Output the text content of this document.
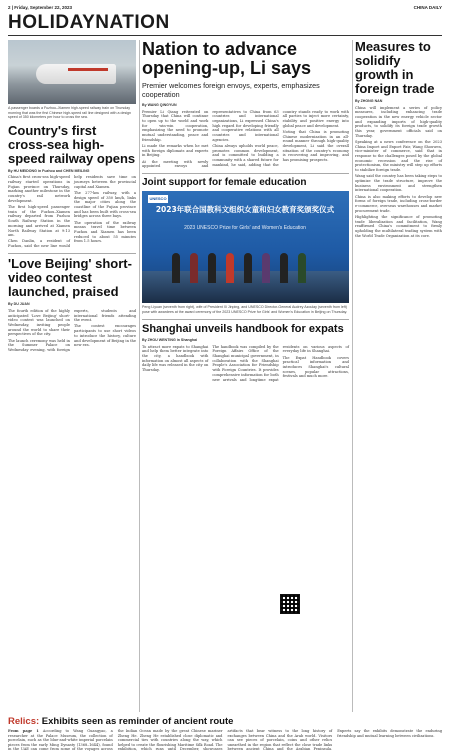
2 | Friday, September 22, 2023	CHINA DAILY
HOLIDAYNATION
A passenger boards a Fuzhou–Xiamen high-speed railway train on Thursday morning that was the first Chinese high-speed rail line designed with a design speed of 350 kilometers per hour to cross the sea.
Country's first cross-sea high-speed railway opens
By HU MEIDONG in Fuzhou and CHEN MEILING

China's first cross-sea high-speed railway started operations in Fujian province on Thursday, marking another milestone in the country's rail network development.

The first high-speed passenger train of the Fuzhou–Xiamen railway departed from Fuzhou South Railway Station in the morning and arrived at Xiamen North Railway Station at 9:13 am.

Chen Danlin, a resident of Fuzhou, said the new line would help residents save time on journeys between the provincial capital and Xiamen.

The 277-km railway, with a design speed of 350 km/h, links the major cities along the coastline of the Fujian province and has been built with cross-sea bridges across three bays.

The operation of the railway means travel time between Fuzhou and Xiamen has been reduced to about 55 minutes from 1.5 hours.

'Love Beijing' short-video contest launched, praised
By DU JUAN

The fourth edition of the highly anticipated 'Love Beijing' short-video contest was launched on Wednesday, inviting people around the world to share their perspectives of the city.

The launch ceremony was held in the Summer Palace on Wednesday evening, with foreign experts, students and international friends attending the event.

The contest encourages participants to use short videos to introduce the history, culture and development of Beijing in the new era.

Nation to advance opening-up, Li says
Premier welcomes foreign envoys, experts, emphasizes cooperation
By WANG QINGYUN

Premier Li Qiang reiterated on Thursday that China will continue to open up to the world and work for win-win cooperation, emphasizing the need to promote mutual understanding, peace and friendship.

Li made the remarks when he met with foreign diplomats and experts in Beijing.

At the meeting with newly appointed envoys and representatives to China from 63 countries and international organizations, Li expressed China's high regard for developing friendly and cooperative relations with all countries and international agencies.

China always upholds world peace, promotes common development, and is committed to building a community with a shared future for mankind, he said, adding that the country stands ready to work with all parties to inject more certainty, stability and positive energy into global peace and development.

Noting that China is promoting Chinese modernization in an all-round manner through high-quality development, Li said the overall situation of the country's economy is recovering and improving, and has promising prospects.

Joint support for female education
UNESCO
2023年联合国教科文组织女童和妇女教育奖颁奖仪式
2023 UNESCO Prize for Girls' and Women's Education
Peng Liyuan (seventh from right), wife of President Xi Jinping, and UNESCO Director-General Audrey Azoulay (seventh from left) pose with awardees at the award ceremony of the 2023 UNESCO Prize for Girls' and Women's Education in Beijing on Thursday.
Shanghai unveils handbook for expats
By ZHOU WENTING in Shanghai

To attract more expats to Shanghai and help them better integrate into the city, a handbook with information on almost all aspects of daily life was released in the city on Thursday.

The handbook was compiled by the Foreign Affairs Office of the Shanghai municipal government, in collaboration with the Shanghai People's Association for Friendship with Foreign Countries. It provides comprehensive information for both new arrivals and longtime expat residents on various aspects of everyday life in Shanghai.

The Expat Handbook covers practical information and introduces Shanghai's cultural scenes, popular attractions, festivals and much more.

Measures to solidify growth in foreign trade
By ZHONG NAN

China will implement a series of policy measures, including enhancing trade cooperation in the new energy vehicle sector and expanding imports of high-quality products, to solidify its foreign trade growth this year, government officials said on Thursday.

Speaking at a news conference on the 2023 China Import and Export Fair, Wang Shouwen, vice-minister of commerce, said that in response to the challenges posed by the global economic recession and the rise of protectionism, the ministry will step up efforts to stabilize foreign trade.

Wang said the country has been taking steps to optimize the trade structure, improve the business environment and strengthen international cooperation.

China is also making efforts to develop new forms of foreign trade, including cross-border e-commerce, overseas warehouses and market procurement trade.

Highlighting the significance of promoting trade liberalization and facilitation, Wang reaffirmed China's commitment to firmly upholding the multilateral trading system with the World Trade Organization at its core.

Relics: Exhibits seen as reminder of ancient route
From page 1 According to Wang Guangyao, a researcher at the Palace Museum, the collection of porcelain, such as the blue-and-white imperial porcelain pieces from the early Ming Dynasty (1368–1644), found in the UAE can come from some of the voyages across the Indian Ocean made by the great Chinese mariner Zheng He. Zheng He established close diplomatic and commercial ties with countries along the way, which helped to create the flourishing Maritime Silk Road. The exhibition, which runs until December, showcases artifacts that bear witness to the long history of exchanges between China and the Arab world. Visitors can see pieces of porcelain, coins and other relics unearthed in the region that reflect the close trade links between ancient China and the Arabian Peninsula. Experts say the exhibits demonstrate the enduring friendship and mutual learning between civilizations.
